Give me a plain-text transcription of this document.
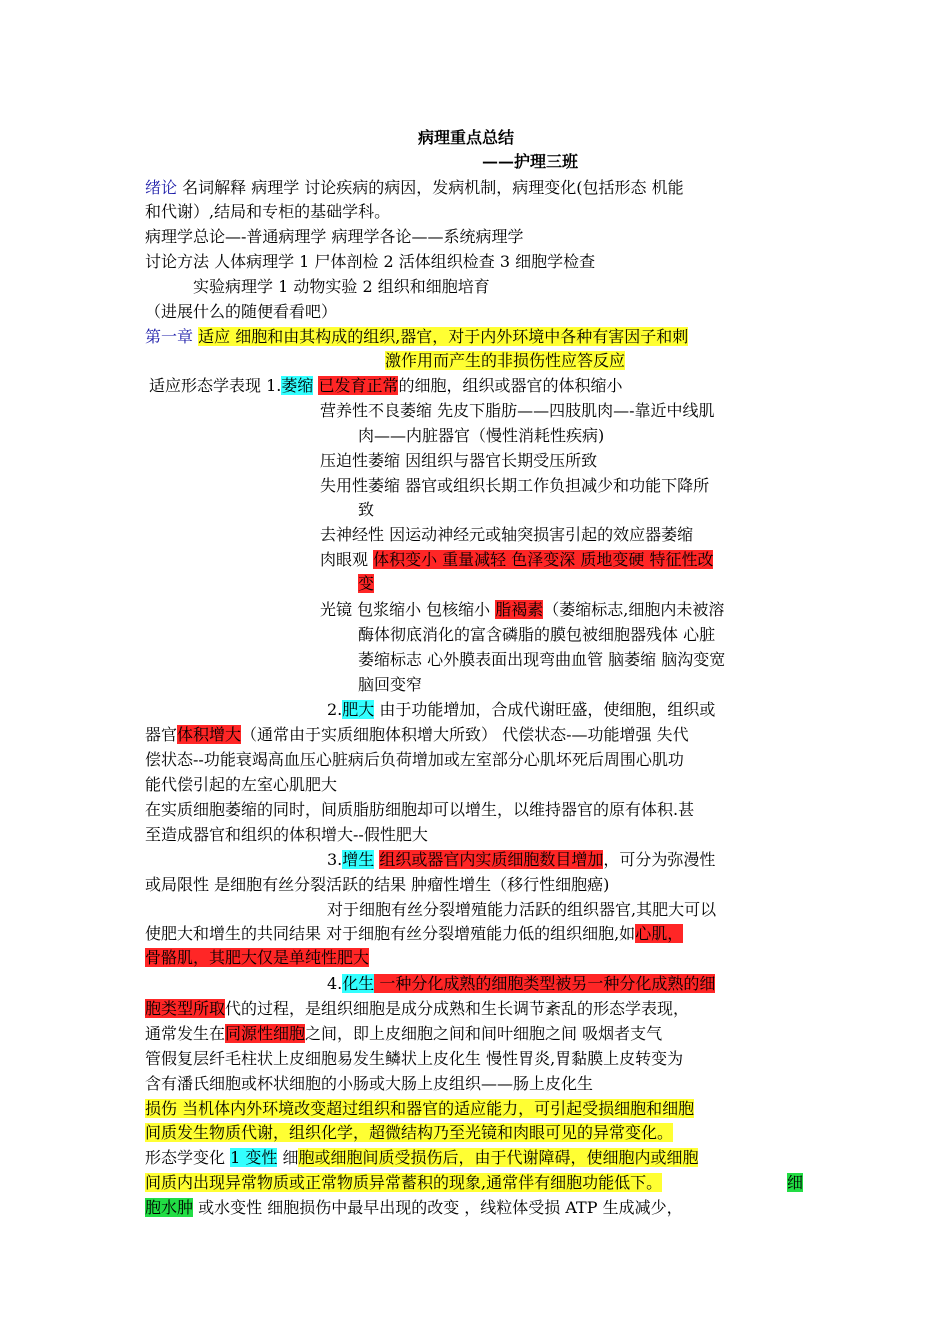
病理重点总结
——护理三班
绪论 名词解释 病理学 讨论疾病的病因，发病机制，病理变化(包括形态 机能
和代谢）,结局和专柜的基础学科。
病理学总论—-普通病理学 病理学各论——系统病理学
讨论方法 人体病理学 1 尸体剖检 2 活体组织检查 3 细胞学检查
实验病理学 1 动物实验 2 组织和细胞培育
（进展什么的随便看看吧）
第一章 适应 细胞和由其构成的组织,器官，对于内外环境中各种有害因子和刺
激作用而产生的非损伤性应答反应
适应形态学表现 1.萎缩 已发育正常的细胞，组织或器官的体积缩小
营养性不良萎缩 先皮下脂肪——四肢肌肉—-靠近中线肌
肉——内脏器官（慢性消耗性疾病)
压迫性萎缩 因组织与器官长期受压所致
失用性萎缩 器官或组织长期工作负担减少和功能下降所
致
去神经性 因运动神经元或轴突损害引起的效应器萎缩
肉眼观 体积变小 重量减轻 色泽变深 质地变硬 特征性改
变
光镜 包浆缩小 包核缩小 脂褐素（萎缩标志,细胞内未被溶
酶体彻底消化的富含磷脂的膜包被细胞器残体 心脏
萎缩标志 心外膜表面出现弯曲血管 脑萎缩 脑沟变宽
脑回变窄
2.肥大 由于功能增加，合成代谢旺盛，使细胞，组织或
器官体积增大（通常由于实质细胞体积增大所致） 代偿状态-—功能增强 失代
偿状态--功能衰竭高血压心脏病后负荷增加或左室部分心肌坏死后周围心肌功
能代偿引起的左室心肌肥大
在实质细胞萎缩的同时，间质脂肪细胞却可以增生，以维持器官的原有体积.甚
至造成器官和组织的体积增大--假性肥大
3.增生 组织或器官内实质细胞数目增加，可分为弥漫性
或局限性 是细胞有丝分裂活跃的结果 肿瘤性增生（移行性细胞癌)
对于细胞有丝分裂增殖能力活跃的组织器官,其肥大可以
使肥大和增生的共同结果 对于细胞有丝分裂增殖能力低的组织细胞,如心肌，
骨骼肌，其肥大仅是单纯性肥大
4.化生 一种分化成熟的细胞类型被另一种分化成熟的细
胞类型所取代的过程，是组织细胞是成分成熟和生长调节紊乱的形态学表现，
通常发生在同源性细胞之间，即上皮细胞之间和间叶细胞之间 吸烟者支气
管假复层纤毛柱状上皮细胞易发生鳞状上皮化生 慢性胃炎,胃黏膜上皮转变为
含有潘氏细胞或杯状细胞的小肠或大肠上皮组织——肠上皮化生
损伤 当机体内外环境改变超过组织和器官的适应能力，可引起受损细胞和细胞
间质发生物质代谢，组织化学，超微结构乃至光镜和肉眼可见的异常变化。
形态学变化 1 变性 细胞或细胞间质受损伤后，由于代谢障碍，使细胞内或细胞
间质内出现异常物质或正常物质异常蓄积的现象,通常伴有细胞功能低下。	细
胞水肿 或水变性 细胞损伤中最早出现的改变 ，线粒体受损 ATP 生成减少，
